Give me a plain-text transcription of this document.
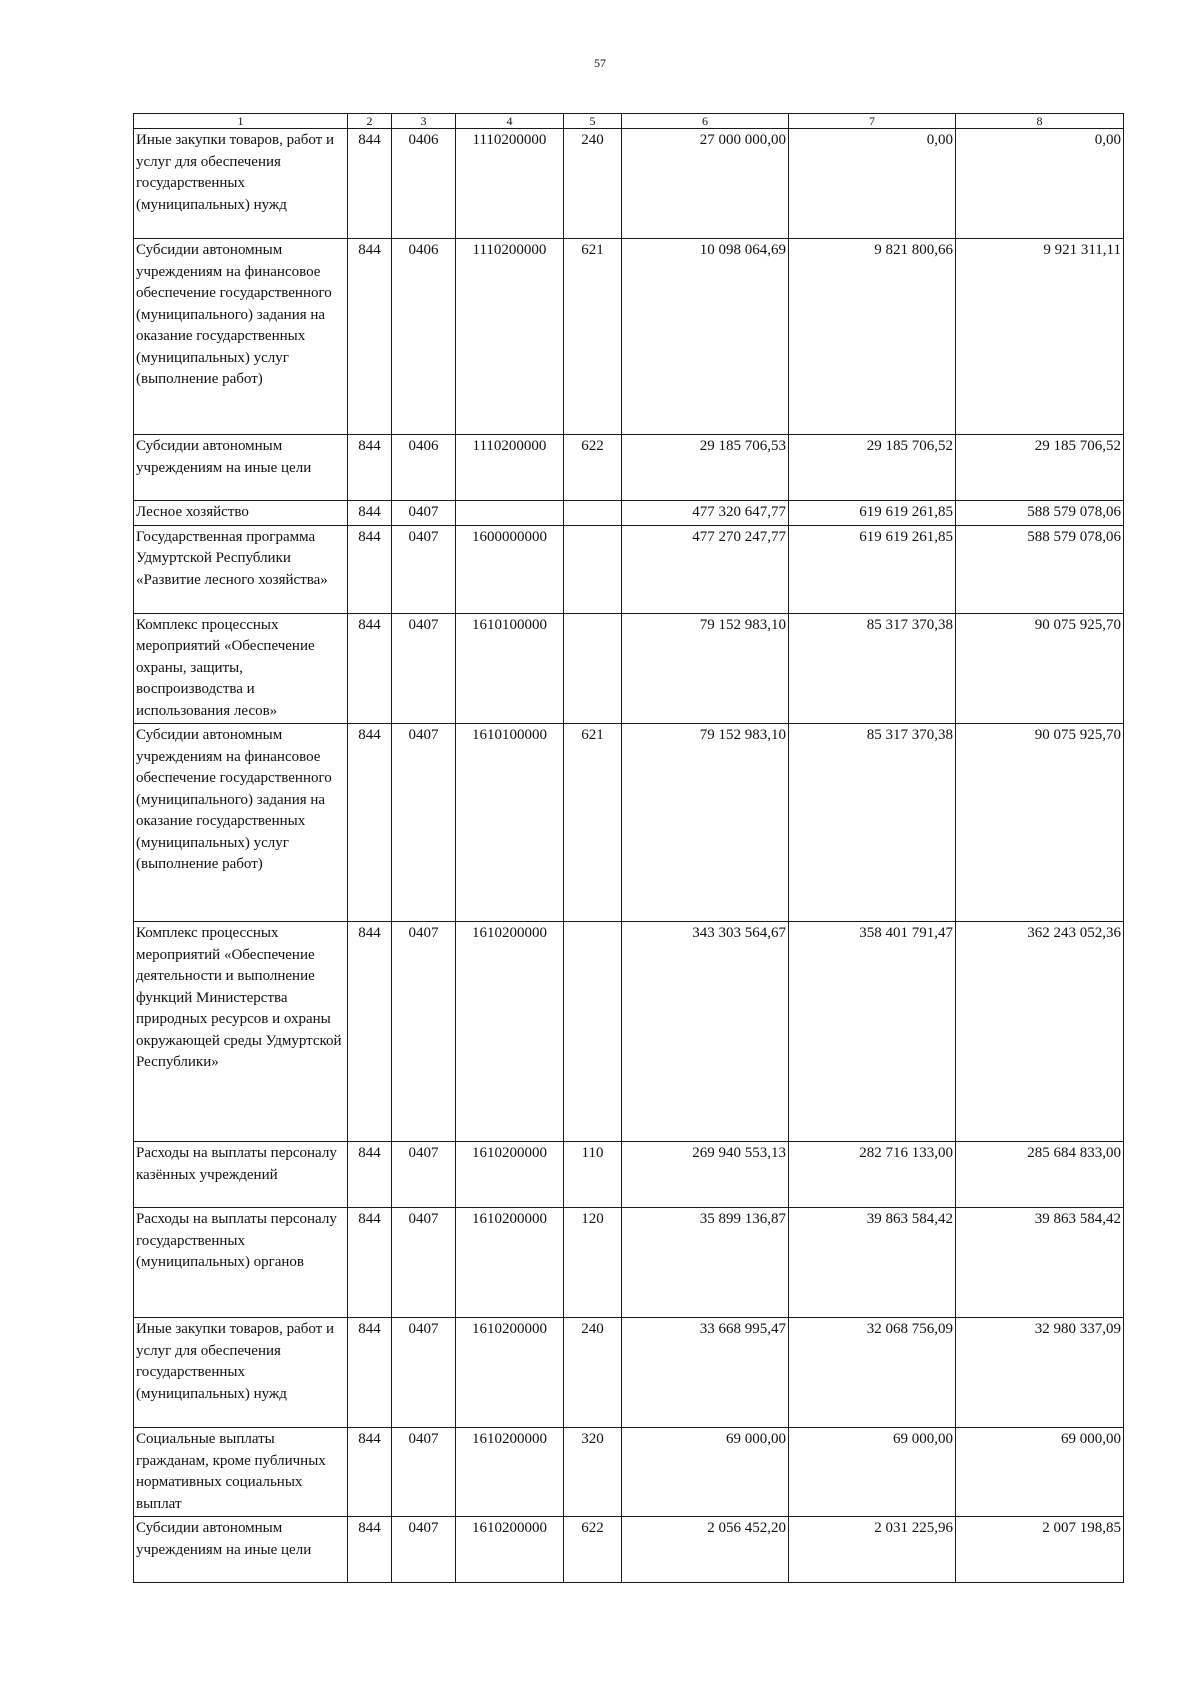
57
1	2	3	4	5	6	7	8
Иные закупки товаров, работ и услуг для обеспечения государственных (муниципальных) нужд	844	0406	1110200000	240	27 000 000,00	0,00	0,00
Субсидии автономным учреждениям на финансовое обеспечение государственного (муниципального) задания на оказание государственных (муниципальных) услуг (выполнение работ)	844	0406	1110200000	621	10 098 064,69	9 821 800,66	9 921 311,11
Субсидии автономным учреждениям на иные цели	844	0406	1110200000	622	29 185 706,53	29 185 706,52	29 185 706,52
Лесное хозяйство	844	0407			477 320 647,77	619 619 261,85	588 579 078,06
Государственная программа Удмуртской Республики «Развитие лесного хозяйства»	844	0407	1600000000		477 270 247,77	619 619 261,85	588 579 078,06
Комплекс процессных мероприятий «Обеспечение охраны, защиты, воспроизводства и использования лесов»	844	0407	1610100000		79 152 983,10	85 317 370,38	90 075 925,70
Субсидии автономным учреждениям на финансовое обеспечение государственного (муниципального) задания на оказание государственных (муниципальных) услуг (выполнение работ)	844	0407	1610100000	621	79 152 983,10	85 317 370,38	90 075 925,70
Комплекс процессных мероприятий «Обеспечение деятельности и выполнение функций Министерства природных ресурсов и охраны окружающей среды Удмуртской Республики»	844	0407	1610200000		343 303 564,67	358 401 791,47	362 243 052,36
Расходы на выплаты персоналу казённых учреждений	844	0407	1610200000	110	269 940 553,13	282 716 133,00	285 684 833,00
Расходы на выплаты персоналу государственных (муниципальных) органов	844	0407	1610200000	120	35 899 136,87	39 863 584,42	39 863 584,42
Иные закупки товаров, работ и услуг для обеспечения государственных (муниципальных) нужд	844	0407	1610200000	240	33 668 995,47	32 068 756,09	32 980 337,09
Социальные выплаты гражданам, кроме публичных нормативных социальных выплат	844	0407	1610200000	320	69 000,00	69 000,00	69 000,00
Субсидии автономным учреждениям на иные цели	844	0407	1610200000	622	2 056 452,20	2 031 225,96	2 007 198,85
